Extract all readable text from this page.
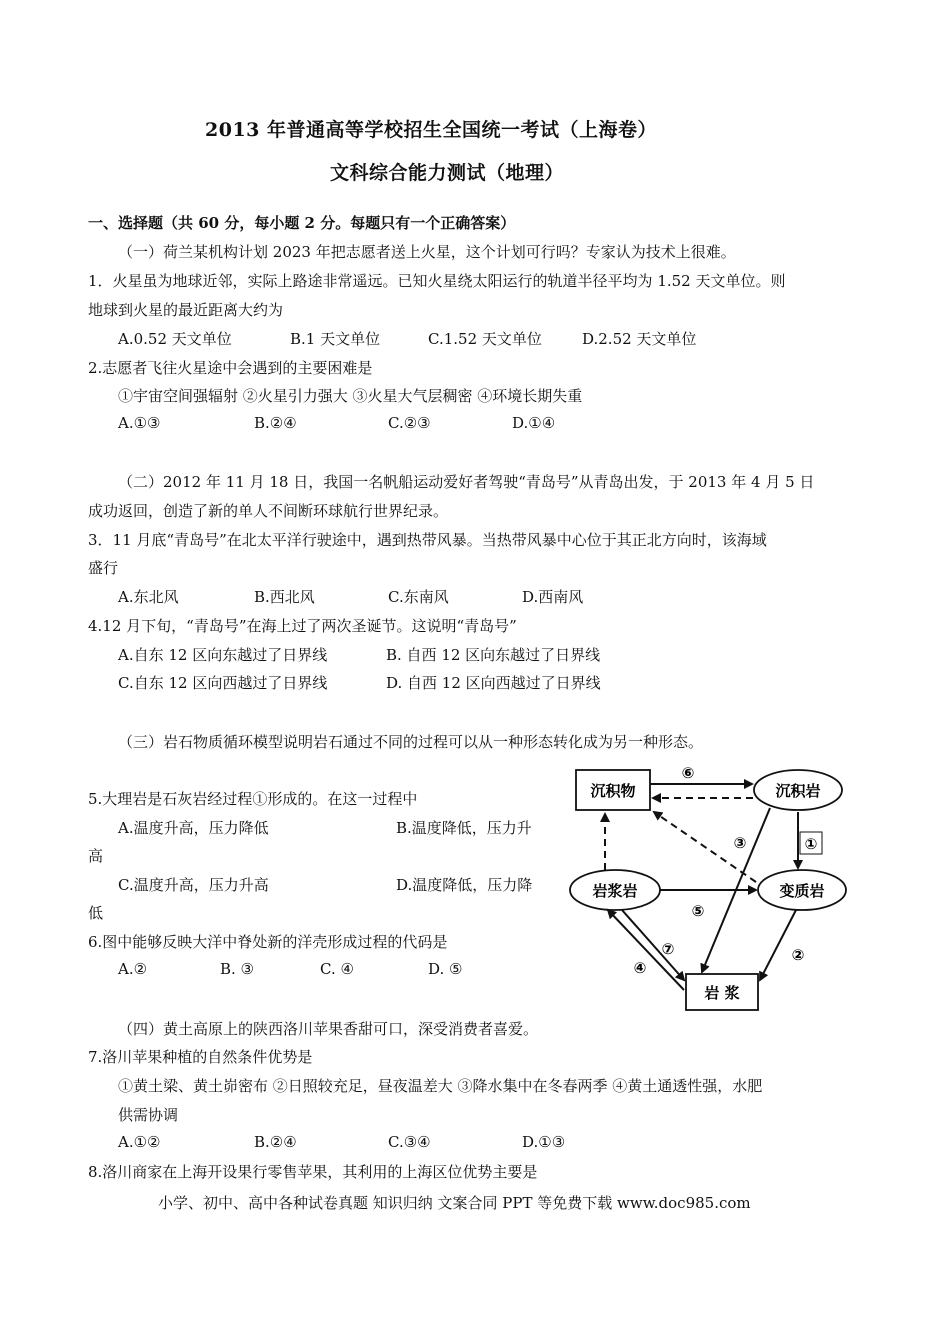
2013 年普通高等学校招生全国统一考试（上海卷）
文科综合能力测试（地理）
一、选择题（共 60 分，每小题 2 分。每题只有一个正确答案）
（一）荷兰某机构计划 2023 年把志愿者送上火星，这个计划可行吗？专家认为技术上很难。
1．火星虽为地球近邻，实际上路途非常遥远。已知火星绕太阳运行的轨道半径平均为 1.52 天文单位。则
地球到火星的最近距离大约为
A.0.52 天文单位	B.1 天文单位	C.1.52 天文单位	D.2.52 天文单位
2.志愿者飞往火星途中会遇到的主要困难是
①宇宙空间强辐射 ②火星引力强大 ③火星大气层稠密 ④环境长期失重
A.①③	B.②④	C.②③	D.①④
（二）2012 年 11 月 18 日，我国一名帆船运动爱好者驾驶“青岛号”从青岛出发，于 2013 年 4 月 5 日
成功返回，创造了新的单人不间断环球航行世界纪录。
3．11 月底“青岛号”在北太平洋行驶途中，遇到热带风暴。当热带风暴中心位于其正北方向时，该海域
盛行
A.东北风	B.西北风	C.东南风	D.西南风
4.12 月下旬，“青岛号”在海上过了两次圣诞节。这说明“青岛号”
A.自东 12 区向东越过了日界线	B. 自西 12 区向东越过了日界线
C.自东 12 区向西越过了日界线	D. 自西 12 区向西越过了日界线
（三）岩石物质循环模型说明岩石通过不同的过程可以从一种形态转化成为另一种形态。
5.大理岩是石灰岩经过程①形成的。在这一过程中
A.温度升高，压力降低	B.温度降低，压力升
高
C.温度升高，压力升高	D.温度降低，压力降
低
6.图中能够反映大洋中脊处新的洋壳形成过程的代码是
A.②	B. ③	C. ④	D. ⑤
沉积物	沉积岩
岩浆岩	变质岩
岩 浆
⑥
①
③
⑤
⑦
④
②
（四）黄土高原上的陕西洛川苹果香甜可口，深受消费者喜爱。
7.洛川苹果种植的自然条件优势是
①黄土梁、黄土峁密布 ②日照较充足，昼夜温差大 ③降水集中在冬春两季 ④黄土通透性强，水肥
供需协调
A.①②	B.②④	C.③④	D.①③
8.洛川商家在上海开设果行零售苹果，其利用的上海区位优势主要是
小学、初中、高中各种试卷真题 知识归纳 文案合同 PPT 等免费下载 www.doc985.com
